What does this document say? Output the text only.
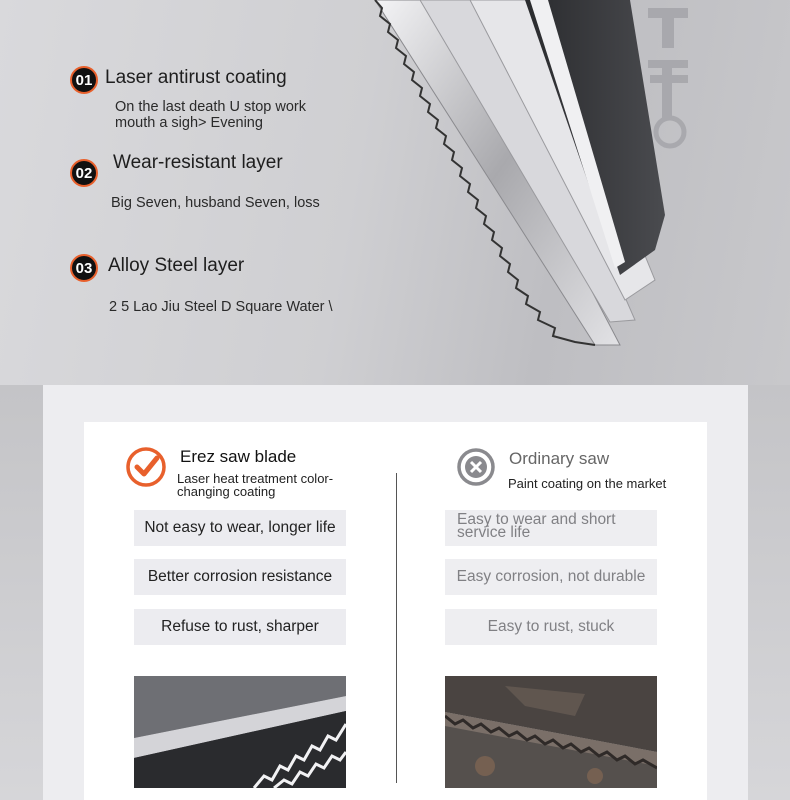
01 Laser antirust coating
On the last death U stop work
mouth a sigh> Evening
02 Wear-resistant layer
Big Seven, husband Seven, loss
03 Alloy Steel layer
2 5 Lao Jiu Steel D Square Water \
Erez saw blade
Laser heat treatment color-
changing coating
Not easy to wear, longer life
Better corrosion resistance
Refuse to rust, sharper
Ordinary saw
Paint coating on the market
Easy to wear and short
service life
Easy corrosion, not durable
Easy to rust, stuck
